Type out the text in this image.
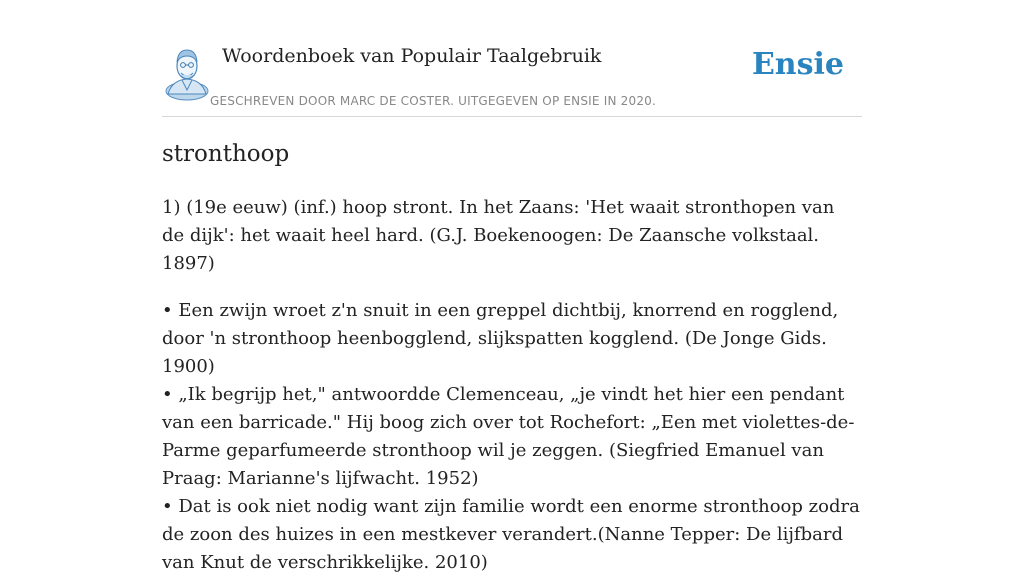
Woordenboek van Populair Taalgebruik
GESCHREVEN DOOR MARC DE COSTER. UITGEGEVEN OP ENSIE IN 2020.
Ensie
stronthoop

1) (19e eeuw) (inf.) hoop stront. In het Zaans: 'Het waait stronthopen van de dijk': het waait heel hard. (G.J. Boekenoogen: De Zaansche volkstaal. 1897)

• Een zwijn wroet z'n snuit in een greppel dichtbij, knorrend en rogglend, door 'n stronthoop heenbogglend, slijkspatten kogglend. (De Jonge Gids. 1900)
• „Ik begrijp het," antwoordde Clemenceau, „je vindt het hier een pendant van een barricade." Hij boog zich over tot Rochefort: „Een met violettes-de-Parme geparfumeerde stronthoop wil je zeggen. (Siegfried Emanuel van Praag: Marianne's lijfwacht. 1952)
• Dat is ook niet nodig want zijn familie wordt een enorme stronthoop zodra de zoon des huizes in een mestkever verandert.(Nanne Tepper: De lijfbard van Knut de verschrikkelijke. 2010)
